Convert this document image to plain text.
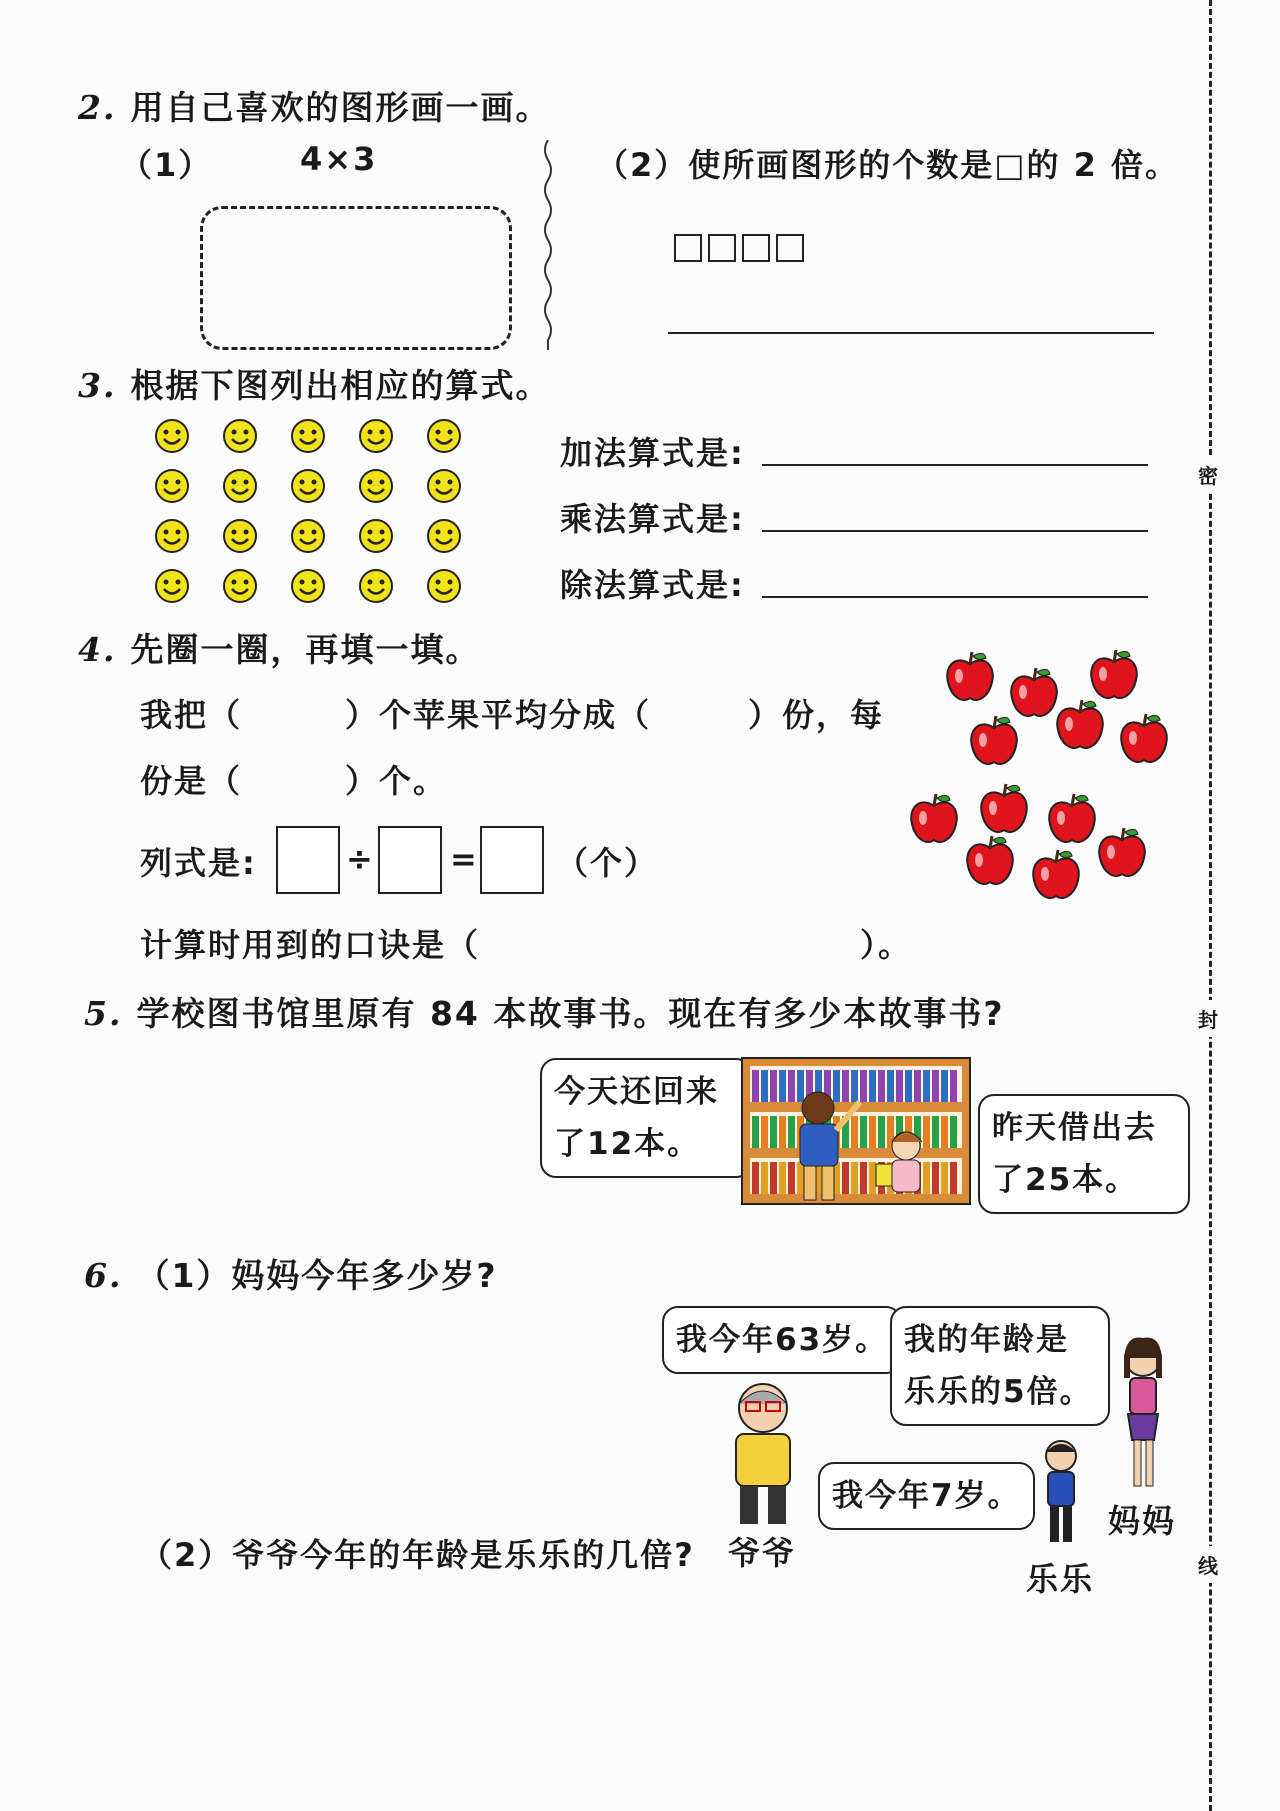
2. 用自己喜欢的图形画一画。
（1）	4×3	（2）使所画图形的个数是□的 2 倍。
3. 根据下图列出相应的算式。
加法算式是:
乘法算式是:
除法算式是:
4. 先圈一圈，再填一填。
我把（	）个苹果平均分成（	）份，每
份是（	）个。
列式是:	÷ = （个）
计算时用到的口诀是（	）。
5. 学校图书馆里原有 84 本故事书。现在有多少本故事书?
今天还回来
了12本。	昨天借出去
了25本。
6. （1）妈妈今年多少岁?
（2）爷爷今年的年龄是乐乐的几倍?
我今年63岁。 我的年龄是
乐乐的5倍。
我今年7岁。
爷爷
乐乐
妈妈
密
封
线
